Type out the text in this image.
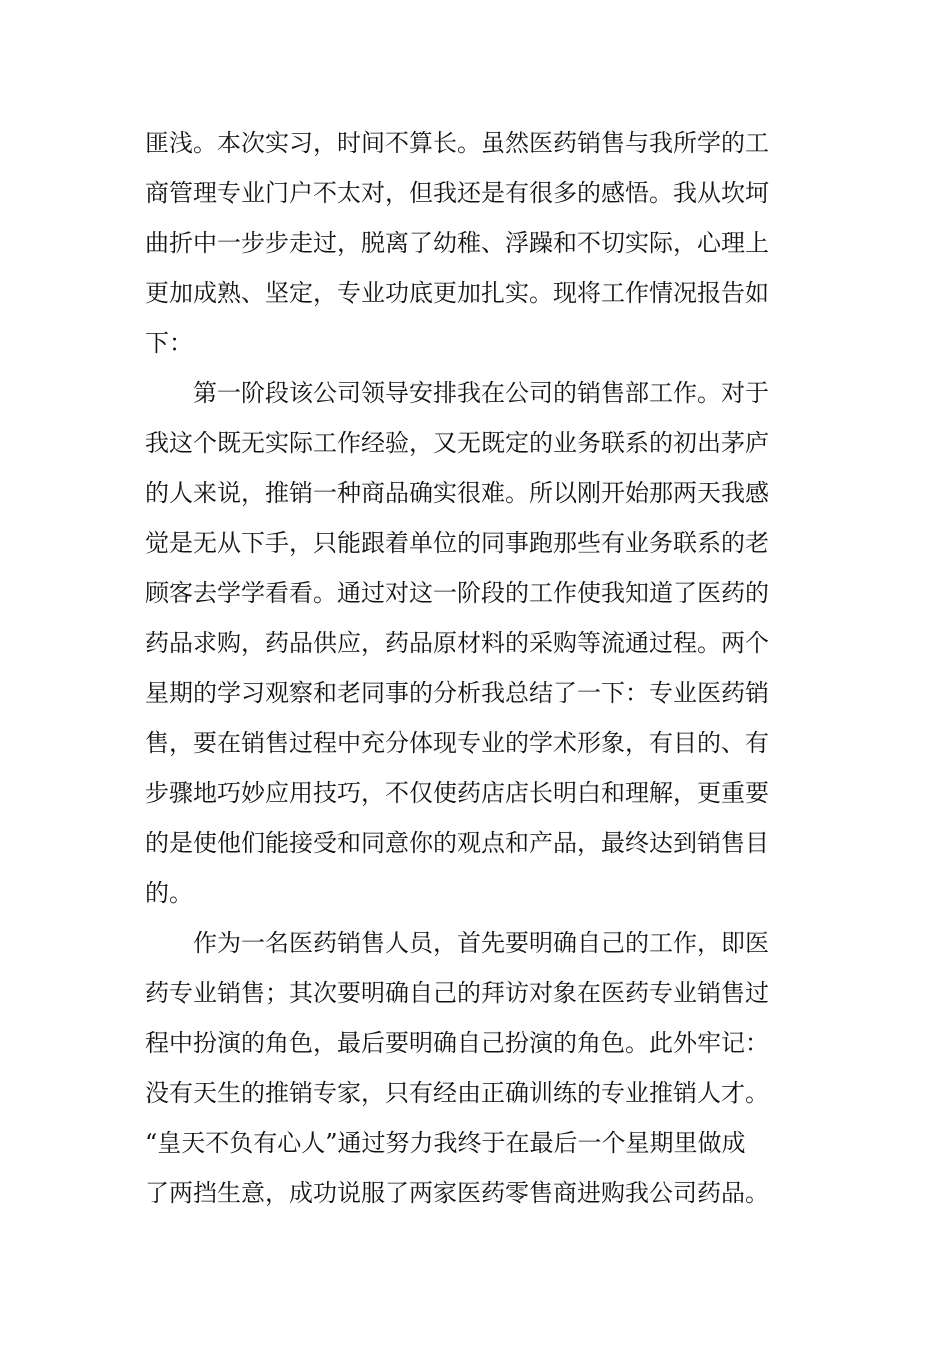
匪浅。本次实习，时间不算长。虽然医药销售与我所学的工
商管理专业门户不太对，但我还是有很多的感悟。我从坎坷
曲折中一步步走过，脱离了幼稚、浮躁和不切实际，心理上
更加成熟、坚定，专业功底更加扎实。现将工作情况报告如
下：
第一阶段该公司领导安排我在公司的销售部工作。对于
我这个既无实际工作经验，又无既定的业务联系的初出茅庐
的人来说，推销一种商品确实很难。所以刚开始那两天我感
觉是无从下手，只能跟着单位的同事跑那些有业务联系的老
顾客去学学看看。通过对这一阶段的工作使我知道了医药的
药品求购，药品供应，药品原材料的采购等流通过程。两个
星期的学习观察和老同事的分析我总结了一下：专业医药销
售，要在销售过程中充分体现专业的学术形象，有目的、有
步骤地巧妙应用技巧，不仅使药店店长明白和理解，更重要
的是使他们能接受和同意你的观点和产品，最终达到销售目
的。
作为一名医药销售人员，首先要明确自己的工作，即医
药专业销售；其次要明确自己的拜访对象在医药专业销售过
程中扮演的角色，最后要明确自己扮演的角色。此外牢记：
没有天生的推销专家，只有经由正确训练的专业推销人才。
“皇天不负有心人”通过努力我终于在最后一个星期里做成
了两挡生意，成功说服了两家医药零售商进购我公司药品。
